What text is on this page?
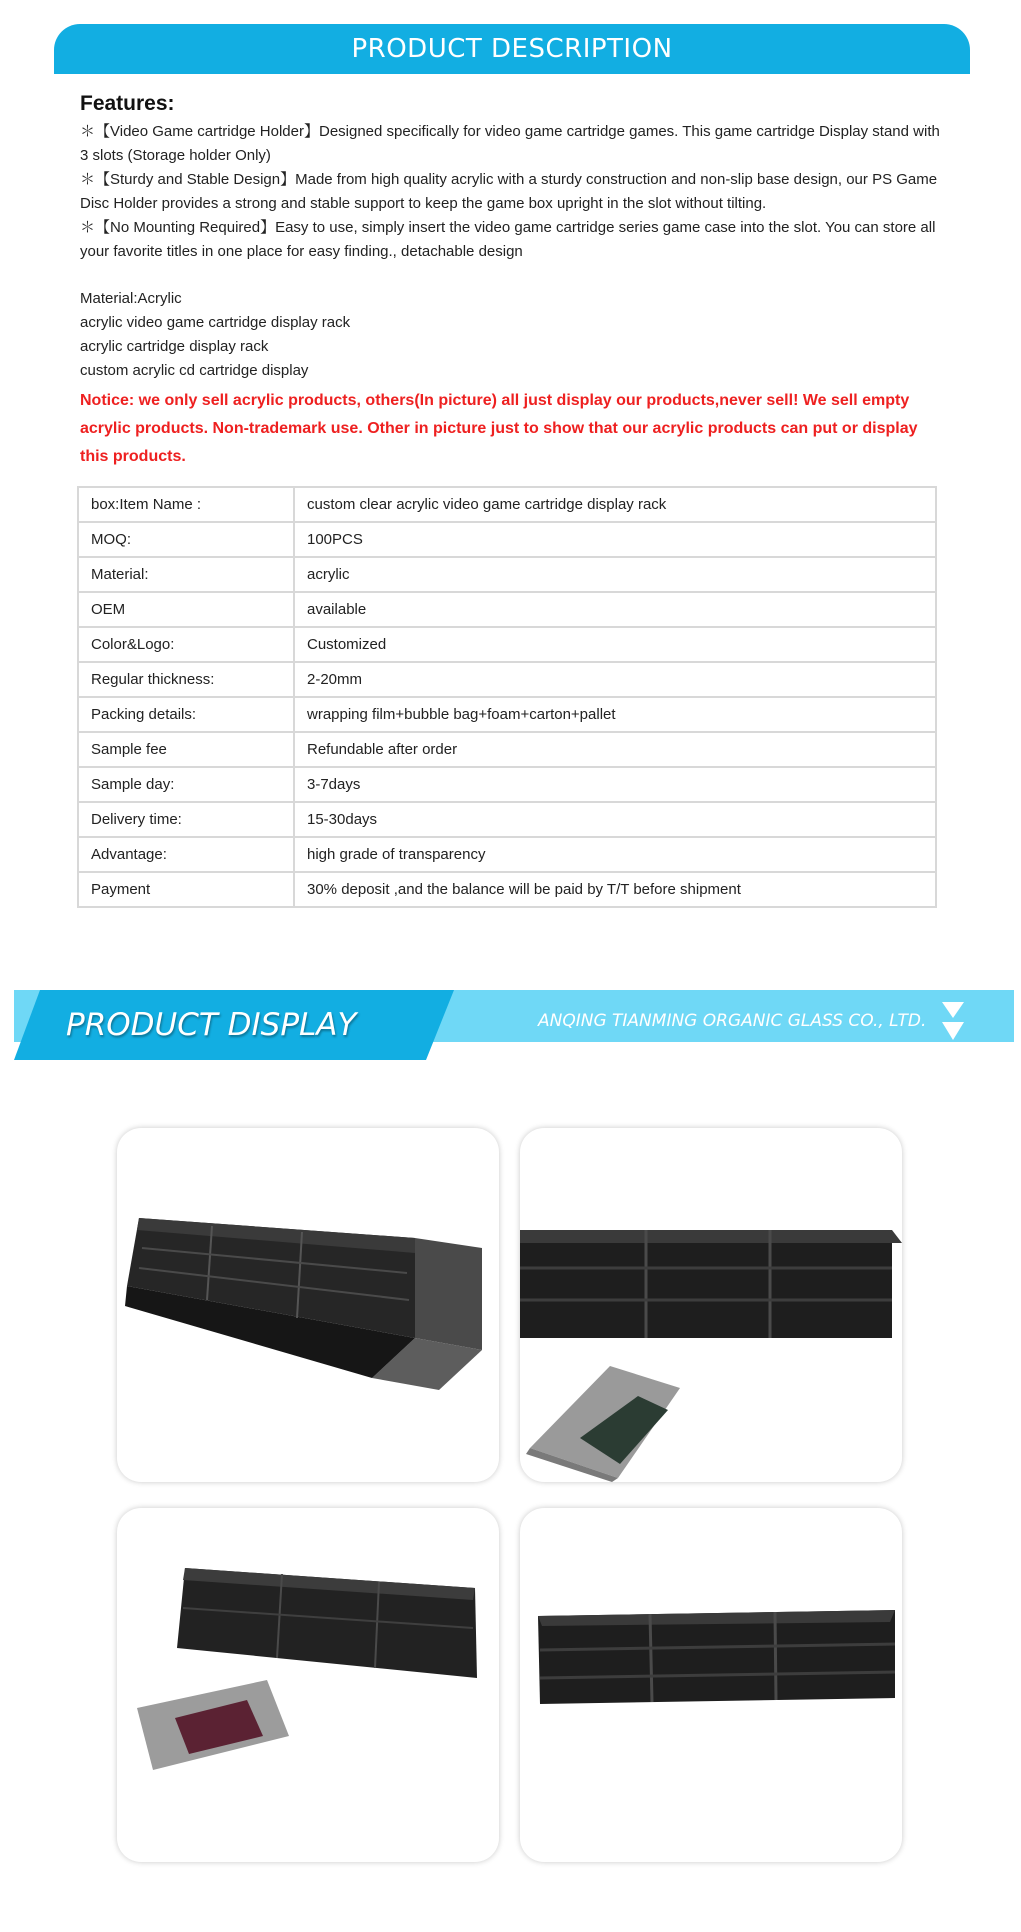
PRODUCT DESCRIPTION
Features:
＊【Video Game cartridge Holder】Designed specifically for video game cartridge games. This game cartridge Display stand with 3 slots (Storage holder Only)
＊【Sturdy and Stable Design】Made from high quality acrylic with a sturdy construction and non-slip base design, our PS Game Disc Holder provides a strong and stable support to keep the game box upright in the slot without tilting.
＊【No Mounting Required】Easy to use, simply insert the video game cartridge series game case into the slot. You can store all your favorite titles in one place for easy finding., detachable design
Material:Acrylic
acrylic video game cartridge display rack
acrylic cartridge display rack
custom acrylic cd cartridge display
Notice: we only sell acrylic products, others(In picture) all just display our products,never sell! We sell empty acrylic products. Non-trademark use. Other in picture just to show that our acrylic products can put or display this products.
box:Item Name :	custom clear acrylic video game cartridge display rack
MOQ:	100PCS
Material:	acrylic
OEM	available
Color&Logo:	Customized
Regular thickness:	2-20mm
Packing details:	wrapping film+bubble bag+foam+carton+pallet
Sample fee	Refundable after order
Sample day:	3-7days
Delivery time:	15-30days
Advantage:	high grade of transparency
Payment	30% deposit ,and the balance will be paid by T/T before shipment
PRODUCT DISPLAY	ANQING TIANMING ORGANIC GLASS CO., LTD.
